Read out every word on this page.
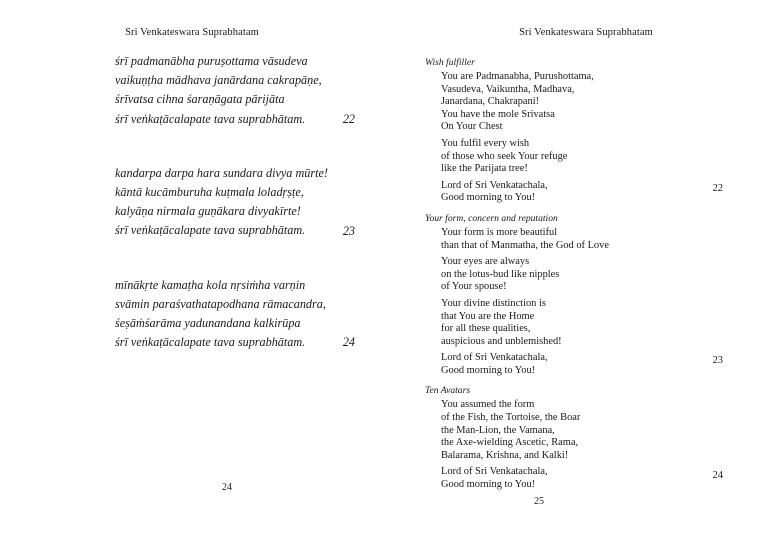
Sri Venkateswara Suprabhatam
śrī padmanābha puruṣottama vāsudeva
vaikuṇṭha mādhava janārdana cakrapāṇe,
śrīvatsa cihna śaraṇāgata pārijāta
śrī veṅkaṭācalapate tava suprabhātam.	22
kandarpa darpa hara sundara divya mūrte!
kāntā kucāmburuha kuṭmala loladṛṣṭe,
kalyāṇa nirmala guṇākara divyakīrte!
śrī veṅkaṭācalapate tava suprabhātam.	23
mīnākṛte kamaṭha kola nṛsiṁha varṇin
svāmin paraśvathatapodhana rāmacandra,
śeṣāṁśarāma yadunandana kalkirūpa
śrī veṅkaṭācalapate tava suprabhātam.	24
24
Sri Venkateswara Suprabhatam
Wish fulfiller
You are Padmanabha, Purushottama,
Vasudeva, Vaikuntha, Madhava,
Janardana, Chakrapani!
You have the mole Srivatsa
On Your Chest
You fulfil every wish
of those who seek Your refuge
like the Parijata tree!
Lord of Sri Venkatachala,
Good morning to You!
22
Your form, concern and reputation
Your form is more beautiful
than that of Manmatha, the God of Love
Your eyes are always
on the lotus-bud like nipples
of Your spouse!
Your divine distinction is
that You are the Home
for all these qualities,
auspicious and unblemished!
Lord of Sri Venkatachala,
Good morning to You!
23
Ten Avatars
You assumed the form
of the Fish, the Tortoise, the Boar
the Man-Lion, the Vamana,
the Axe-wielding Ascetic, Rama,
Balarama, Krishna, and Kalki!
Lord of Sri Venkatachala,
Good morning to You!
24
25
